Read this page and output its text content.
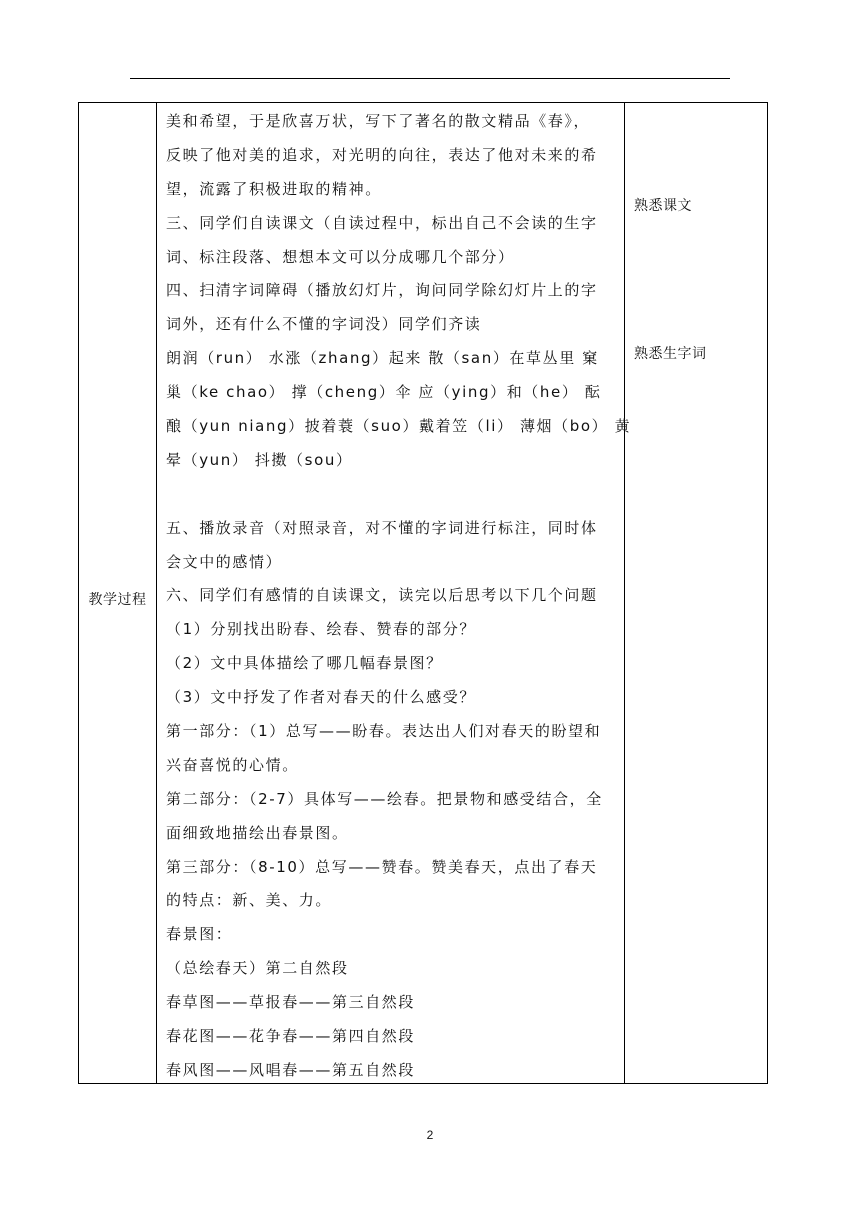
教学过程
美和希望，于是欣喜万状，写下了著名的散文精品《春》，
反映了他对美的追求，对光明的向往，表达了他对未来的希
望，流露了积极进取的精神。
三、同学们自读课文（自读过程中，标出自己不会读的生字
词、标注段落、想想本文可以分成哪几个部分）
四、扫清字词障碍（播放幻灯片，询问同学除幻灯片上的字
词外，还有什么不懂的字词没）同学们齐读
朗润（run） 水涨（zhang）起来 散（san）在草丛里 窠
巢（ke chao） 撑（cheng）伞 应（ying）和（he） 酝
酿（yun niang）披着蓑（suo）戴着笠（li） 薄烟（bo） 黄
晕（yun） 抖擞（sou）
五、播放录音（对照录音，对不懂的字词进行标注，同时体
会文中的感情）
六、同学们有感情的自读课文，读完以后思考以下几个问题
（1）分别找出盼春、绘春、赞春的部分？
（2）文中具体描绘了哪几幅春景图？
（3）文中抒发了作者对春天的什么感受？
第一部分：（1）总写——盼春。表达出人们对春天的盼望和
兴奋喜悦的心情。
第二部分：（2-7）具体写——绘春。把景物和感受结合，全
面细致地描绘出春景图。
第三部分：（8-10）总写——赞春。赞美春天，点出了春天
的特点：新、美、力。
春景图：
（总绘春天）第二自然段
春草图——草报春——第三自然段
春花图——花争春——第四自然段
春风图——风唱春——第五自然段
熟悉课文
熟悉生字词
2
